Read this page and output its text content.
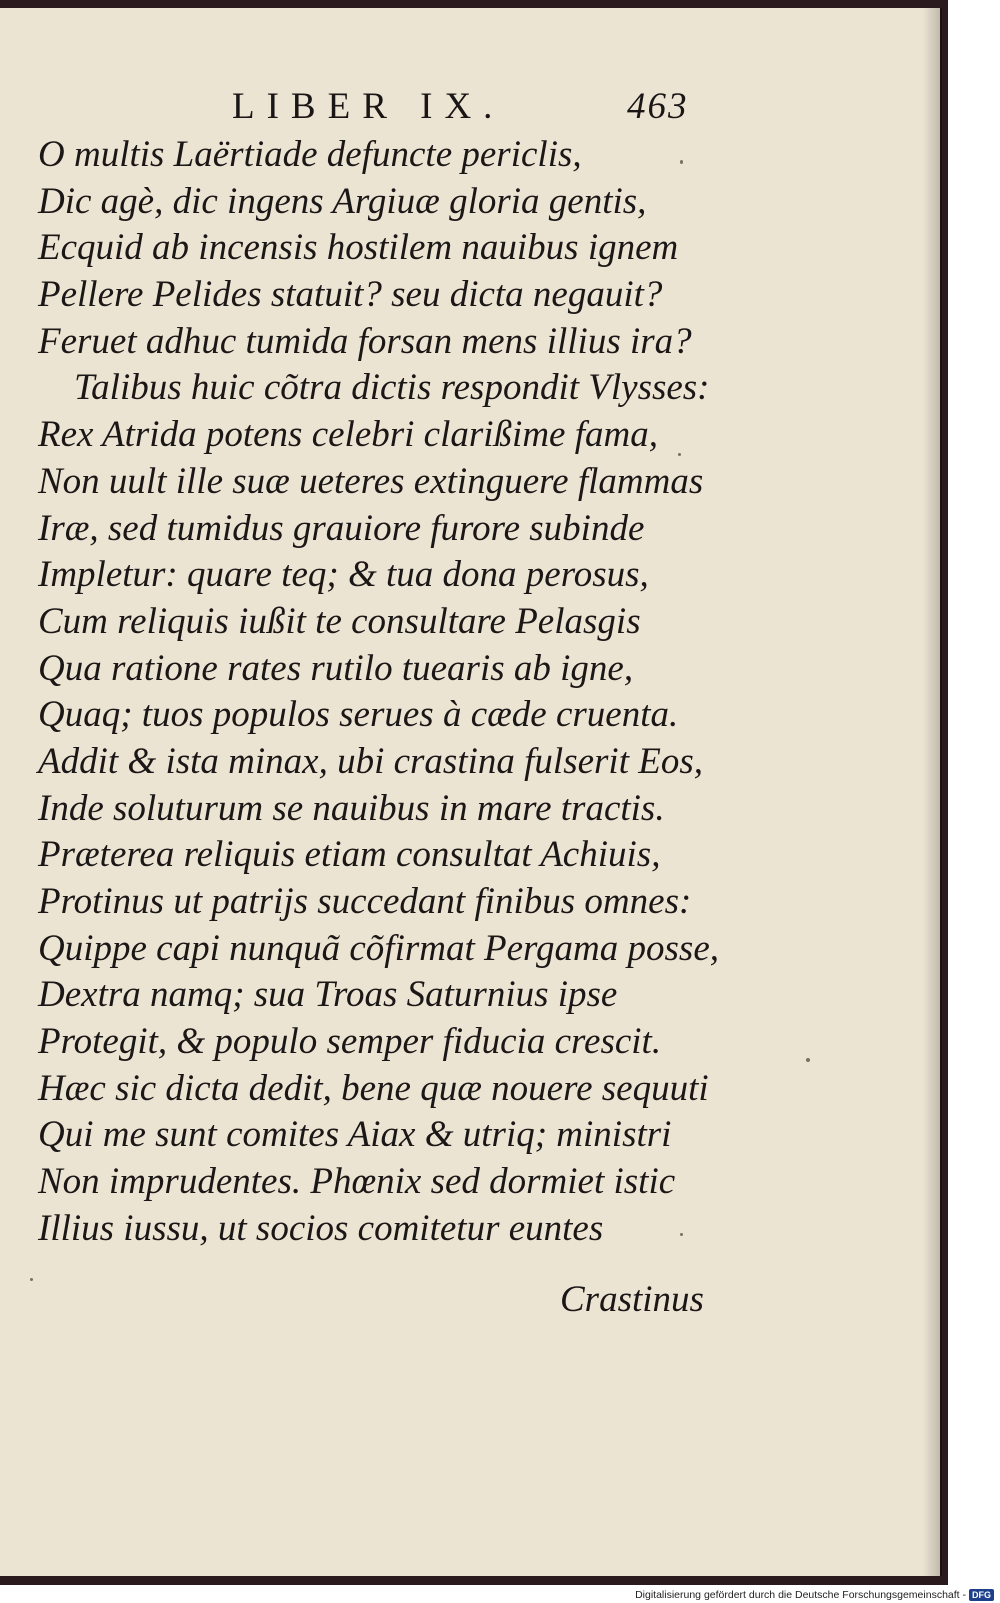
LIBER IX.	463
O multis Laërtiade defuncte periclis,
Dic agè, dic ingens Argiuæ gloria gentis,
Ecquid ab incensis hostilem nauibus ignem
Pellere Pelides statuit? seu dicta negauit?
Feruet adhuc tumida forsan mens illius ira?
Talibus huic cõtra dictis respondit Vlysses:
Rex Atrida potens celebri clarißime fama,
Non uult ille suæ ueteres extinguere flammas
Iræ, sed tumidus grauiore furore subinde
Impletur: quare teq; & tua dona perosus,
Cum reliquis iußit te consultare Pelasgis
Qua ratione rates rutilo tuearis ab igne,
Quaq; tuos populos serues à cæde cruenta.
Addit & ista minax, ubi crastina fulserit Eos,
Inde soluturum se nauibus in mare tractis.
Præterea reliquis etiam consultat Achiuis,
Protinus ut patrijs succedant finibus omnes:
Quippe capi nunquã cõfirmat Pergama posse,
Dextra namq; sua Troas Saturnius ipse
Protegit, & populo semper fiducia crescit.
Hæc sic dicta dedit, bene quæ nouere sequuti
Qui me sunt comites Aiax & utriq; ministri
Non imprudentes. Phœnix sed dormiet istic
Illius iussu, ut socios comitetur euntes
Crastinus
Digitalisierung gefördert durch die Deutsche Forschungsgemeinschaft - DFG
